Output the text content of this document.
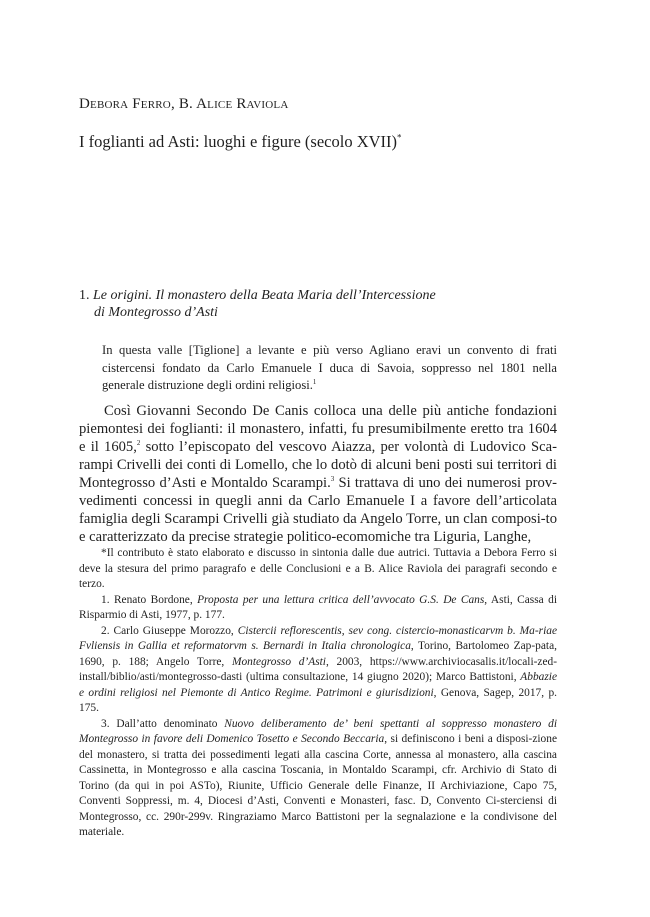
Debora Ferro, B. Alice Raviola
I foglianti ad Asti: luoghi e figure (secolo XVII)*
1. Le origini. Il monastero della Beata Maria dell’Intercessione
di Montegrosso d’Asti
In questa valle [Tiglione] a levante e più verso Agliano eravi un convento di frati cistercensi fondato da Carlo Emanuele I duca di Savoia, soppresso nel 1801 nella generale distruzione degli ordini religiosi.$^1$
Così Giovanni Secondo De Canis colloca una delle più antiche fondazioni piemontesi dei foglianti: il monastero, infatti, fu presumibilmente eretto tra 1604 e il 1605,$^2$ sotto l’episcopato del vescovo Aiazza, per volontà di Ludovico Sca-rampi Crivelli dei conti di Lomello, che lo dotò di alcuni beni posti sui territori di Montegrosso d’Asti e Montaldo Scarampi.$^3$ Si trattava di uno dei numerosi prov-vedimenti concessi in quegli anni da Carlo Emanuele I a favore dell’articolata famiglia degli Scarampi Crivelli già studiato da Angelo Torre, un clan composi-to e caratterizzato da precise strategie politico-ecomomiche tra Liguria, Langhe,

*Il contributo è stato elaborato e discusso in sintonia dalle due autrici. Tuttavia a Debora Ferro si deve la stesura del primo paragrafo e delle Conclusioni e a B. Alice Raviola dei paragrafi secondo e terzo.

1. Renato Bordone, Proposta per una lettura critica dell’avvocato G.S. De Cans, Asti, Cassa di Risparmio di Asti, 1977, p. 177.

2. Carlo Giuseppe Morozzo, Cistercii reflorescentis, sev cong. cistercio-monasticarvm b. Ma-riae Fvliensis in Gallia et reformatorvm s. Bernardi in Italia chronologica, Torino, Bartolomeo Zap-pata, 1690, p. 188; Angelo Torre, Montegrosso d’Asti, 2003, https://www.archiviocasalis.it/locali-zed-install/biblio/asti/montegrosso-dasti (ultima consultazione, 14 giugno 2020); Marco Battistoni, Abbazie e ordini religiosi nel Piemonte di Antico Regime. Patrimoni e giurisdizioni, Genova, Sagep, 2017, p. 175.

3. Dall’atto denominato Nuovo deliberamento de’ beni spettanti al soppresso monastero di Montegrosso in favore deli Domenico Tosetto e Secondo Beccaria, si definiscono i beni a disposi-zione del monastero, si tratta dei possedimenti legati alla cascina Corte, annessa al monastero, alla cascina Cassinetta, in Montegrosso e alla cascina Toscania, in Montaldo Scarampi, cfr. Archivio di Stato di Torino (da qui in poi ASTo), Riunite, Ufficio Generale delle Finanze, II Archiviazione, Capo 75, Conventi Soppressi, m. 4, Diocesi d’Asti, Conventi e Monasteri, fasc. D, Convento Ci-sterciensi di Montegrosso, cc. 290r-299v. Ringraziamo Marco Battistoni per la segnalazione e la condivisone del materiale.
